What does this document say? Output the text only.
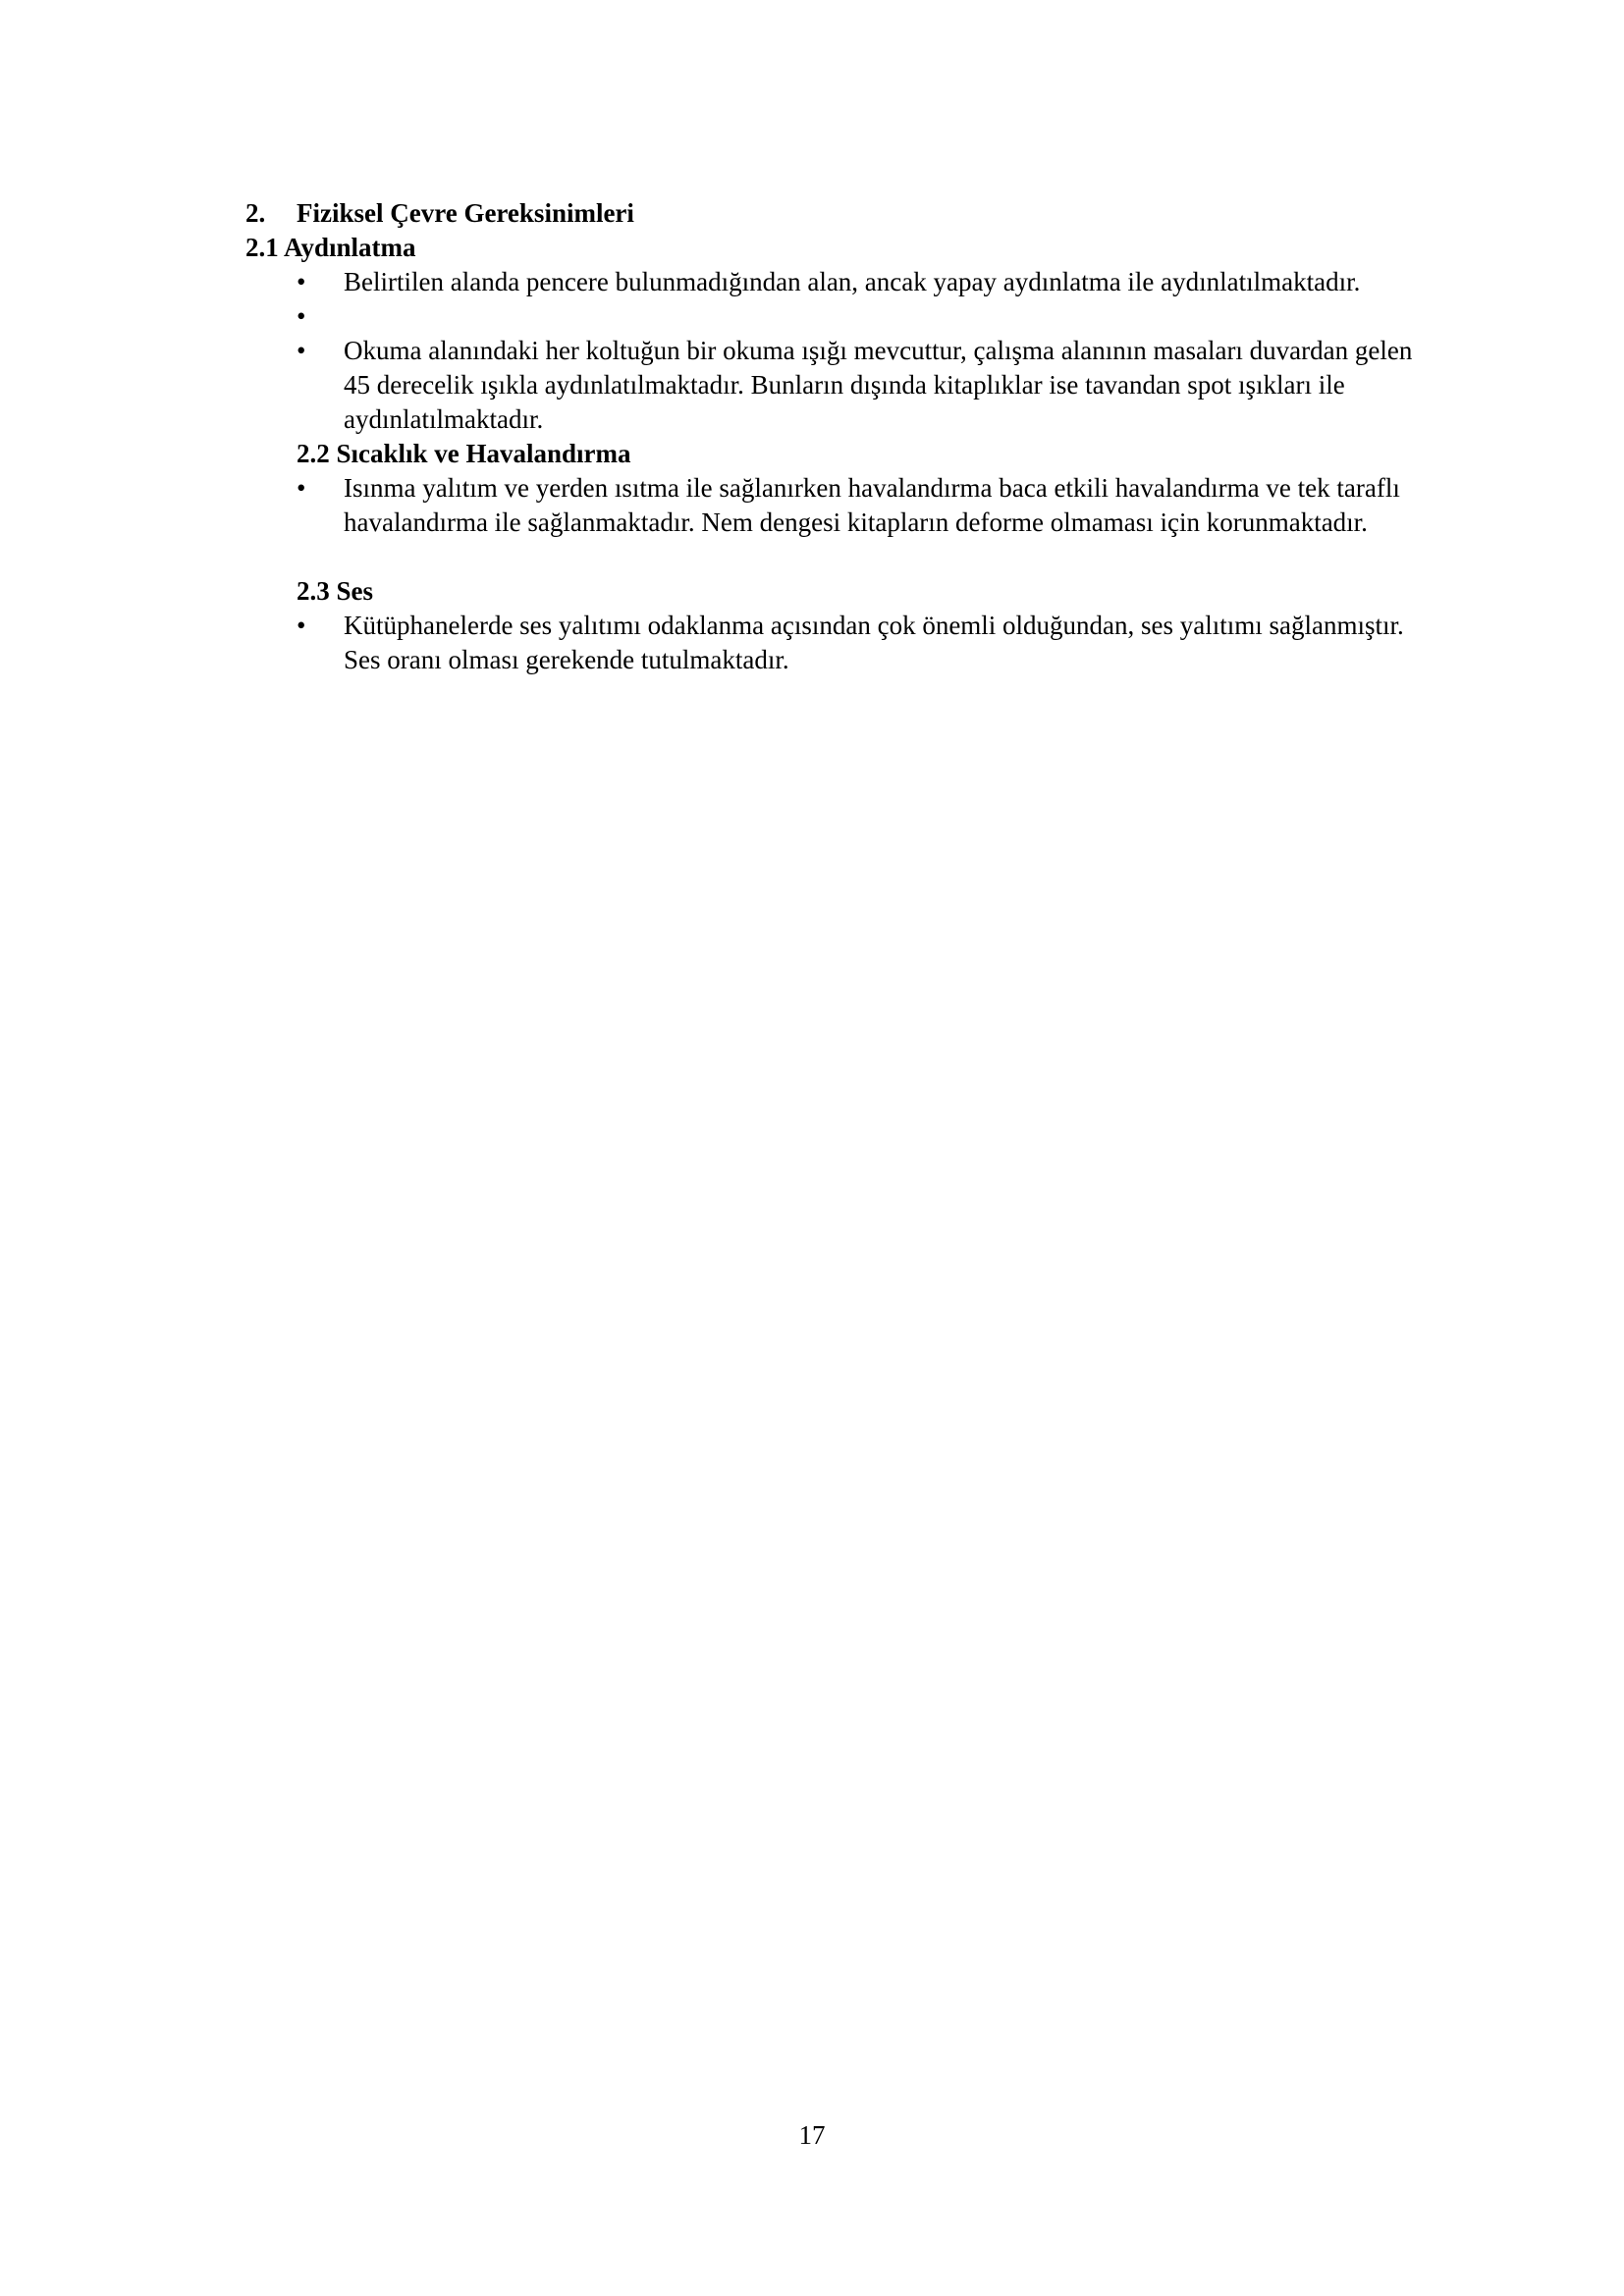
2.	Fiziksel Çevre Gereksinimleri
2.1 Aydınlatma
• Belirtilen alanda pencere bulunmadığından alan, ancak yapay aydınlatma ile aydınlatılmaktadır.
•
• Okuma alanındaki her koltuğun bir okuma ışığı mevcuttur, çalışma alanının masaları duvardan gelen 45 derecelik ışıkla aydınlatılmaktadır. Bunların dışında kitaplıklar ise tavandan spot ışıkları ile aydınlatılmaktadır.
2.2 Sıcaklık ve Havalandırma
• Isınma yalıtım ve yerden ısıtma ile sağlanırken havalandırma baca etkili havalandırma ve tek taraflı havalandırma ile sağlanmaktadır. Nem dengesi kitapların deforme olmaması için korunmaktadır.
2.3 Ses
• Kütüphanelerde ses yalıtımı odaklanma açısından çok önemli olduğundan, ses yalıtımı sağlanmıştır. Ses oranı olması gerekende tutulmaktadır.
17
